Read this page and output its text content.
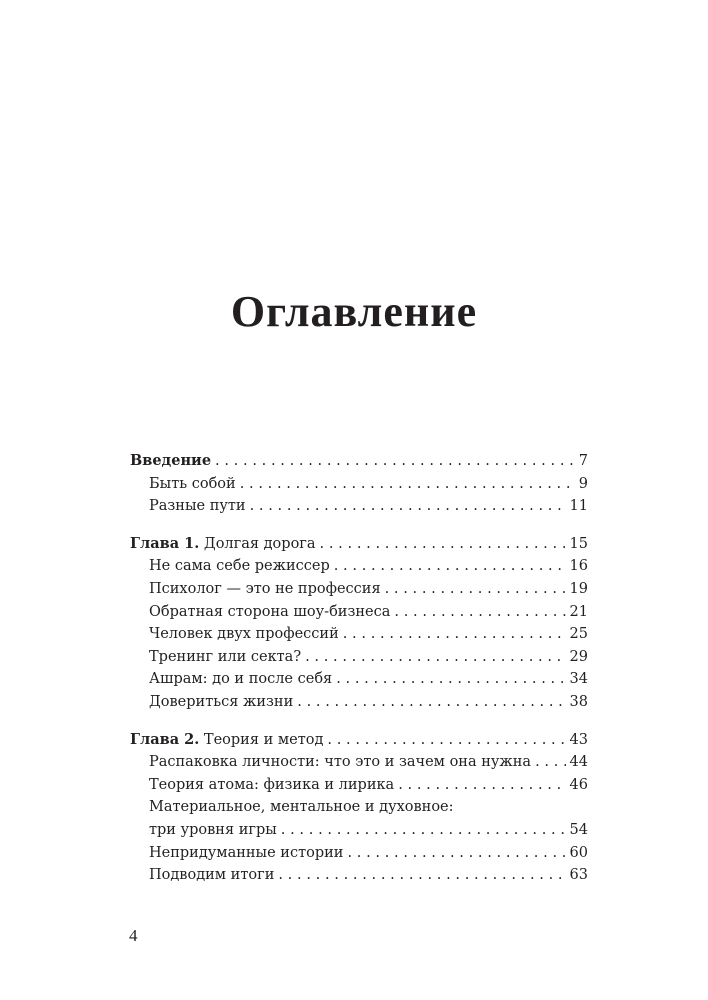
Оглавление
Введение . . .	7
Быть собой . . .	9
Разные пути . . .	11
Глава 1. Долгая дорога . . .	15
Не сама себе режиссер . . .	16
Психолог — это не профессия . . .	19
Обратная сторона шоу-бизнеса . . .	21
Человек двух профессий . . .	25
Тренинг или секта? . . .	29
Ашрам: до и после себя . . .	34
Довериться жизни . . .	38
Глава 2. Теория и метод . . .	43
Распаковка личности: что это и зачем она нужна . . .	44
Теория атома: физика и лирика . . .	46
Материальное, ментальное и духовное:
три уровня игры . . .	54
Непридуманные истории . . .	60
Подводим итоги . . .	63
4
